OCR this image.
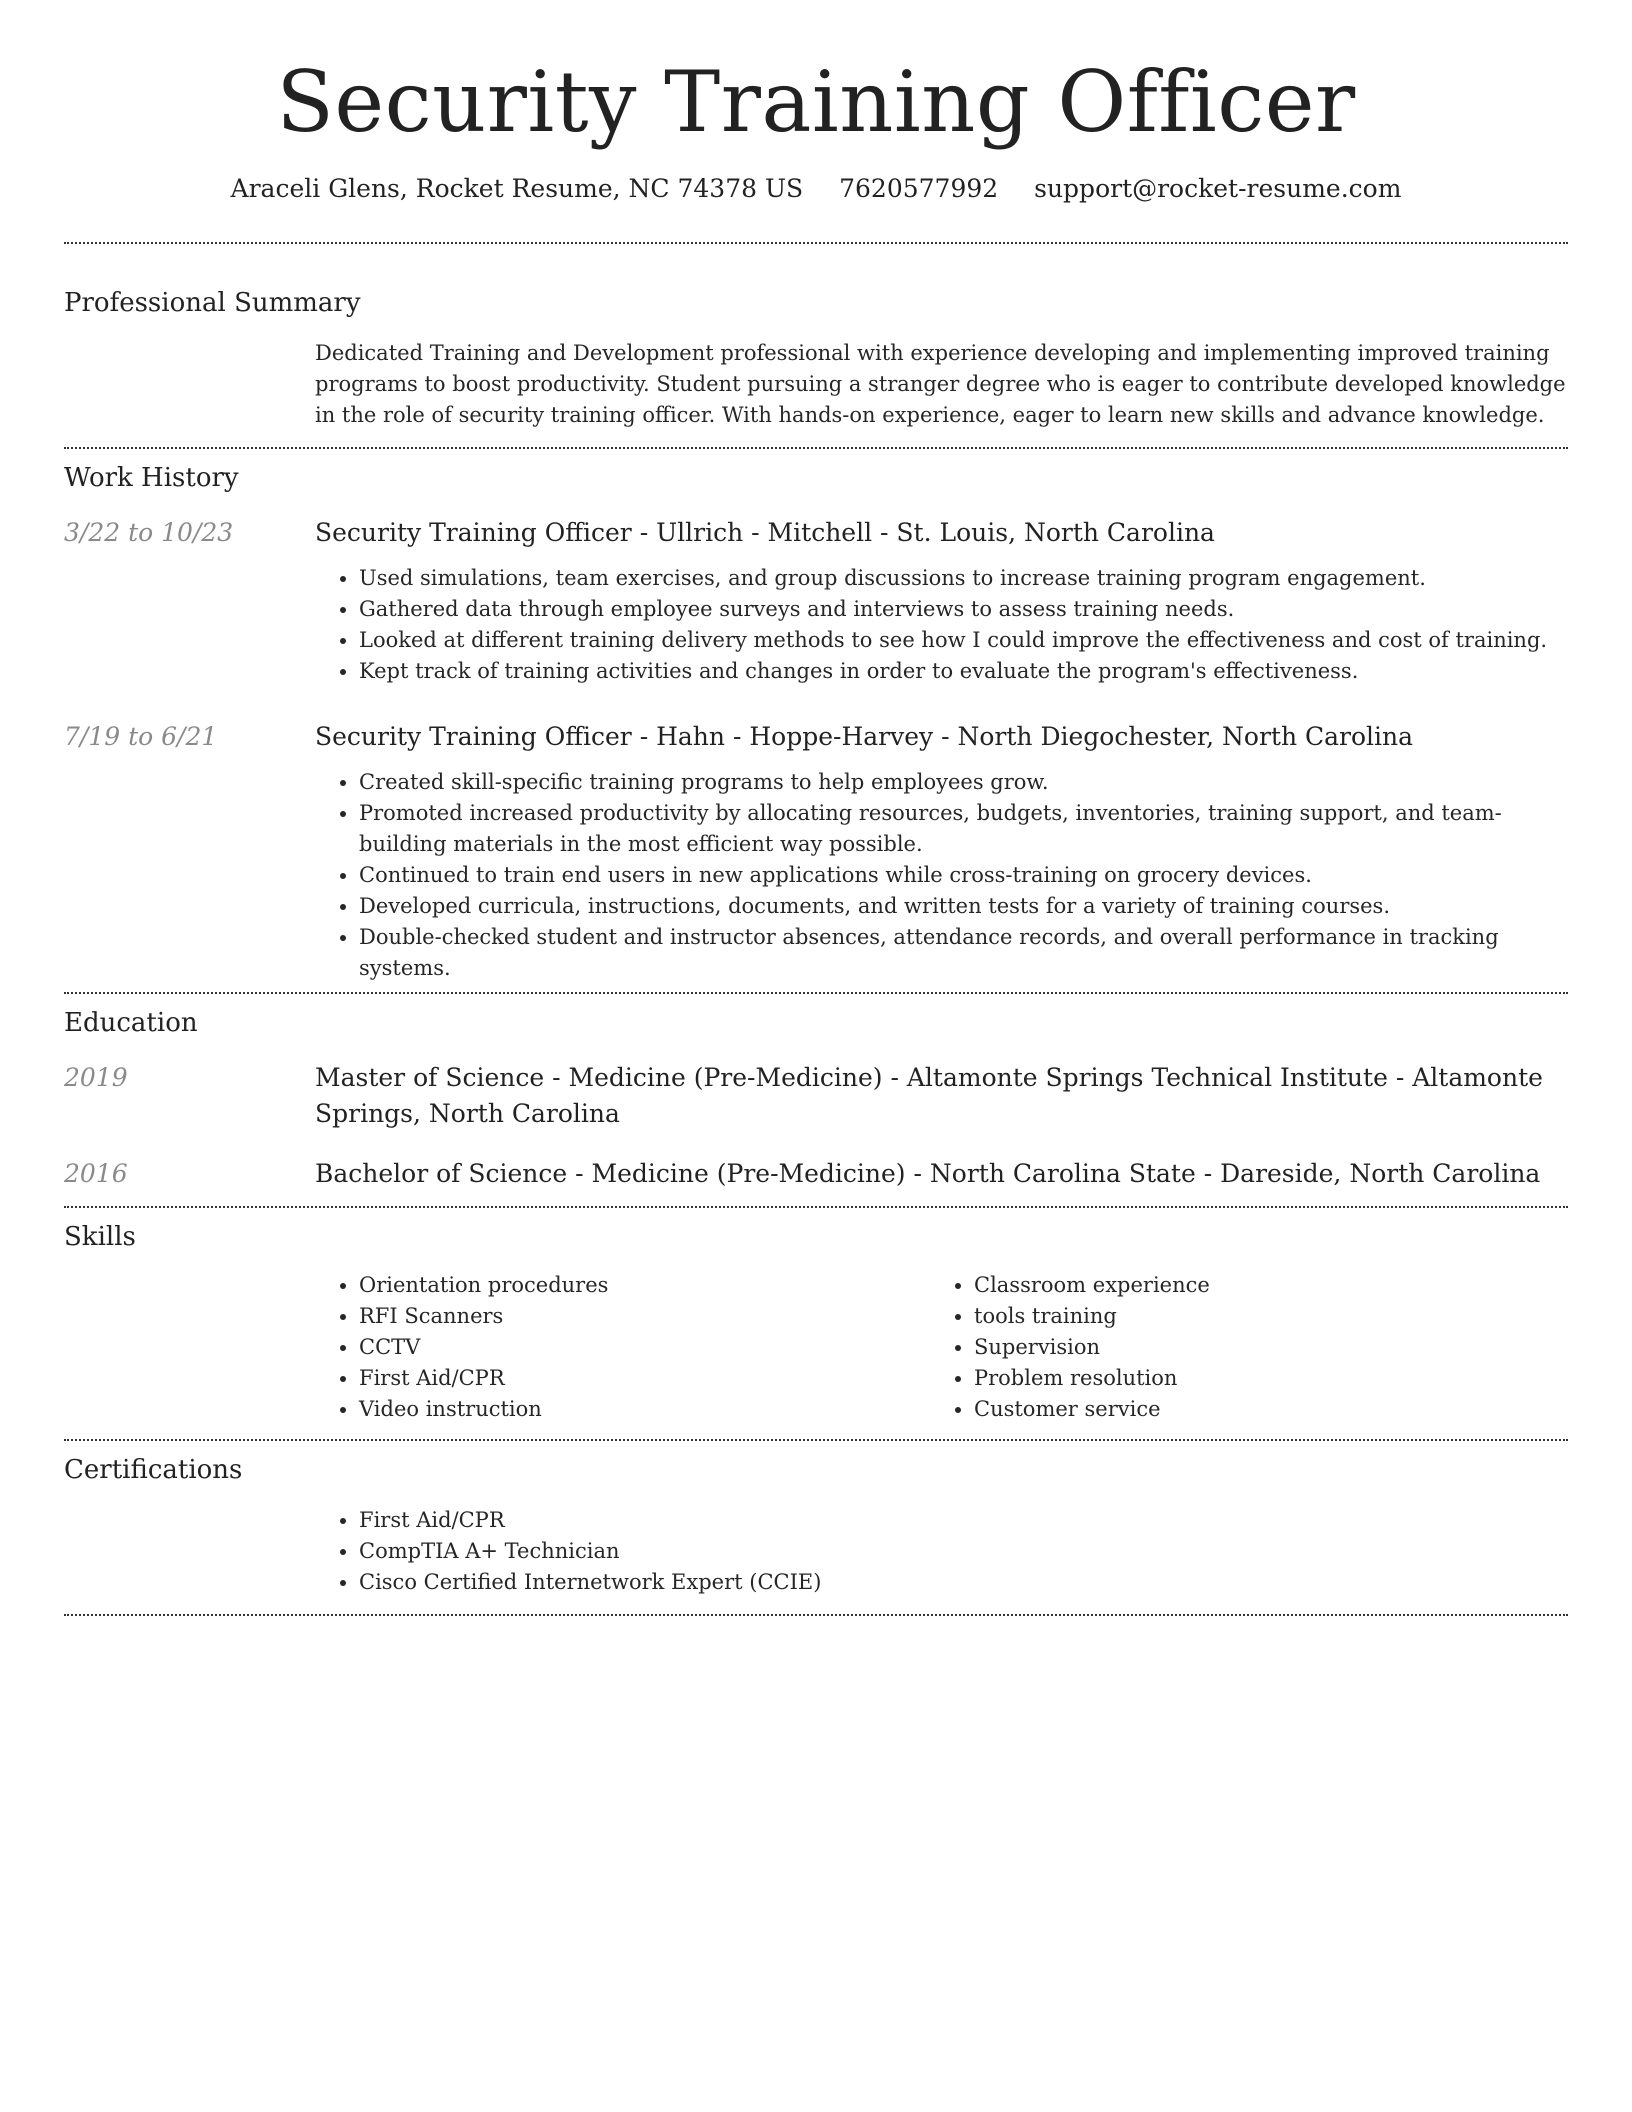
Security Training Officer
Araceli Glens, Rocket Resume, NC 74378 US 7620577992 support@rocket-resume.com
Professional Summary
Dedicated Training and Development professional with experience developing and implementing improved training programs to boost productivity. Student pursuing a stranger degree who is eager to contribute developed knowledge in the role of security training officer. With hands-on experience, eager to learn new skills and advance knowledge.
Work History
3/22 to 10/23	Security Training Officer - Ullrich - Mitchell - St. Louis, North Carolina
• Used simulations, team exercises, and group discussions to increase training program engagement.
• Gathered data through employee surveys and interviews to assess training needs.
• Looked at different training delivery methods to see how I could improve the effectiveness and cost of training.
• Kept track of training activities and changes in order to evaluate the program's effectiveness.
7/19 to 6/21	Security Training Officer - Hahn - Hoppe-Harvey - North Diegochester, North Carolina
• Created skill-specific training programs to help employees grow.
• Promoted increased productivity by allocating resources, budgets, inventories, training support, and team-building materials in the most efficient way possible.
• Continued to train end users in new applications while cross-training on grocery devices.
• Developed curricula, instructions, documents, and written tests for a variety of training courses.
• Double-checked student and instructor absences, attendance records, and overall performance in tracking systems.
Education
2019	Master of Science - Medicine (Pre-Medicine) - Altamonte Springs Technical Institute - Altamonte Springs, North Carolina
2016	Bachelor of Science - Medicine (Pre-Medicine) - North Carolina State - Dareside, North Carolina
Skills
• Orientation procedures
• RFI Scanners
• CCTV
• First Aid/CPR
• Video instruction
• Classroom experience
• tools training
• Supervision
• Problem resolution
• Customer service
Certifications
• First Aid/CPR
• CompTIA A+ Technician
• Cisco Certified Internetwork Expert (CCIE)
